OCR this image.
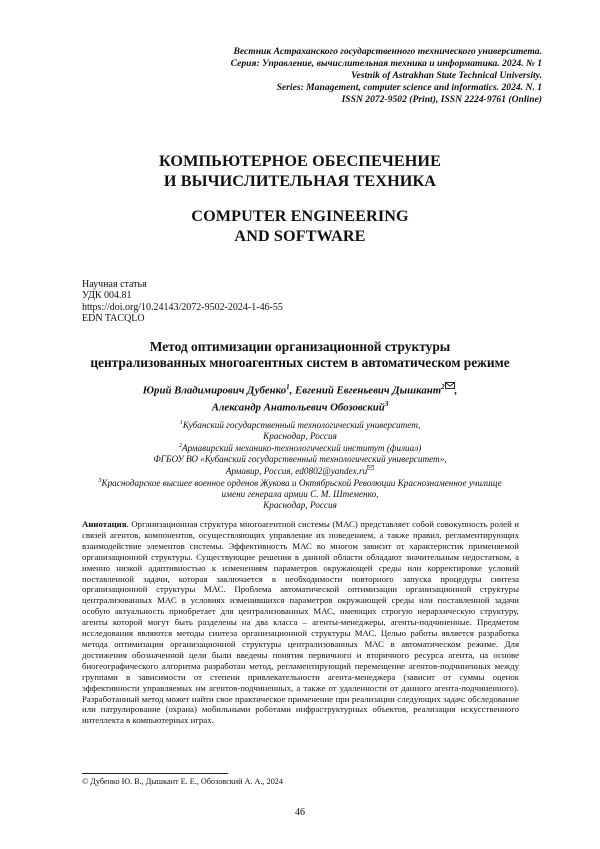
Вестник Астраханского государственного технического университета.
Серия: Управление, вычислительная техника и информатика. 2024. № 1
Vestnik of Astrakhan State Technical University.
Series: Management, computer science and informatics. 2024. N. 1
ISSN 2072-9502 (Print), ISSN 2224-9761 (Online)
КОМПЬЮТЕРНОЕ ОБЕСПЕЧЕНИЕ
И ВЫЧИСЛИТЕЛЬНАЯ ТЕХНИКА
COMPUTER ENGINEERING
AND SOFTWARE
Научная статья
УДК 004.81
https://doi.org/10.24143/2072-9502-2024-1-46-55
EDN TACQLO
Метод оптимизации организационной структуры
централизованных многоагентных систем в автоматическом режиме
Юрий Владимирович Дубенко$^1$, Евгений Евгеньевич Дышкант$^2$ ,
Александр Анатольевич Обозовский$^3$
$^1$Кубанский государственный технологический университет,
Краснодар, Россия
$^2$Армавирский механико-технологический институт (филиал)
ФГБОУ ВО «Кубанский государственный технологический университет»,
Армавир, Россия, ed0802@yandex.ru
$^3$Краснодарское высшее военное орденов Жукова и Октябрьской Революции Краснознаменное училище
имени генерала армии С. М. Штеменко,
Краснодар, Россия
Аннотация. Организационная структура многоагентной системы (МАС) представляет собой совокупность ролей и связей агентов, компонентов, осуществляющих управление их поведением, а также правил, регламентирующих взаимодействие элементов системы. Эффективность МАС во многом зависит от характеристик применяемой организационной структуры. Существующие решения в данной области обладают значительным недостатком, а именно низкой адаптивностью к изменениям параметров окружающей среды или корректировке условий поставленной задачи, которая заключается в необходимости повторного запуска процедуры синтеза организационной структуры МАС. Проблема автоматической оптимизации организационной структуры централизованных МАС в условиях изменившихся параметров окружающей среды или поставленной задачи особую актуальность приобретает для централизованных МАС, имеющих строгую иерархическую структуру, агенты которой могут быть разделены на два класса – агенты-менеджеры, агенты-подчиненные. Предметом исследования являются методы синтеза организационной структуры МАС. Целью работы является разработка метода оптимизации организационной структуры централизованных МАС в автоматическом режиме. Для достижения обозначенной цели были введены понятия первичного и вторичного ресурса агента, на основе биогеографического алгоритма разработан метод, регламентирующий перемещение агентов-подчиненных между группами в зависимости от степени привлекательности агента-менеджера (зависит от суммы оценок эффективности управляемых им агентов-подчиненных, а также от удаленности от данного агента-подчиненного). Разработанный метод может найти свое практическое применение при реализации следующих задач: обследование или патрулирование (охрана) мобильными роботами инфраструктурных объектов, реализация искусственного интеллекта в компьютерных играх.
© Дубенко Ю. В., Дышкант Е. Е., Обозовский А. А., 2024
46
